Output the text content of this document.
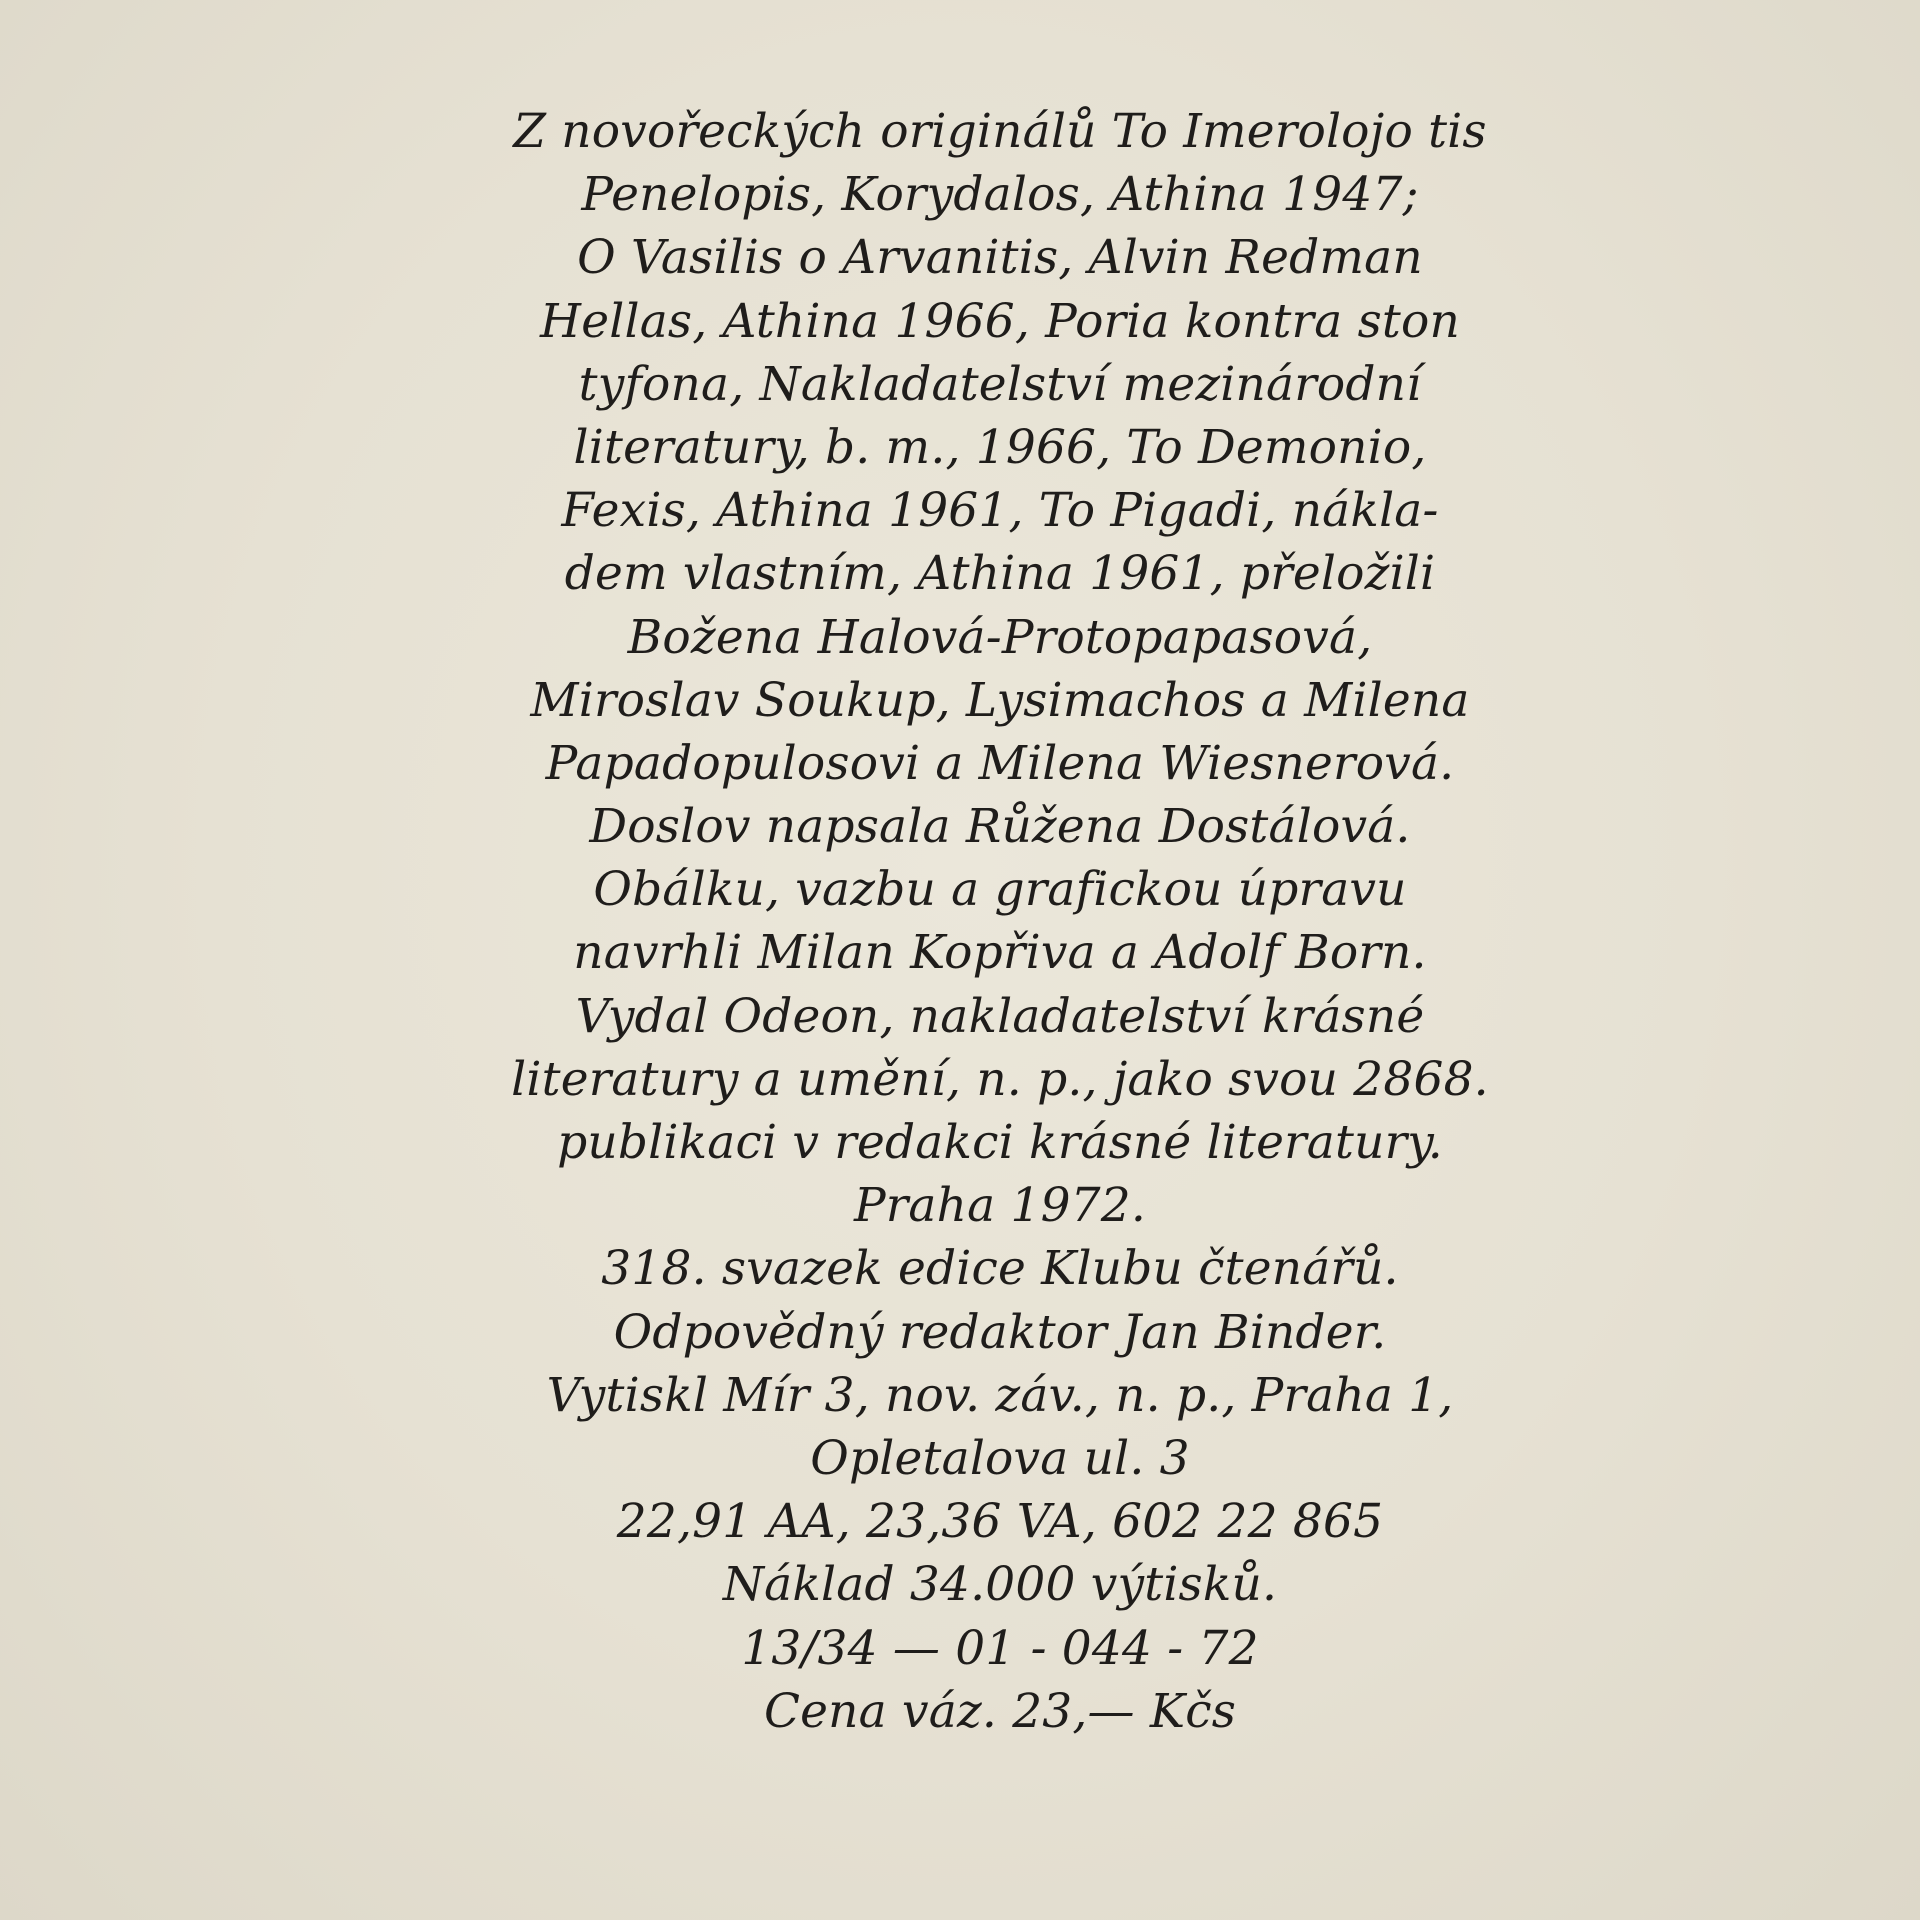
Z novořeckých originálů To Imerolojo tis
Penelopis, Korydalos, Athina 1947;
O Vasilis o Arvanitis, Alvin Redman
Hellas, Athina 1966, Poria kontra ston
tyfona, Nakladatelství mezinárodní
literatury, b. m., 1966, To Demonio,
Fexis, Athina 1961, To Pigadi, nákla-
dem vlastním, Athina 1961, přeložili
Božena Halová-Protopapasová,
Miroslav Soukup, Lysimachos a Milena
Papadopulosovi a Milena Wiesnerová.
Doslov napsala Růžena Dostálová.
Obálku, vazbu a grafickou úpravu
navrhli Milan Kopřiva a Adolf Born.
Vydal Odeon, nakladatelství krásné
literatury a umění, n. p., jako svou 2868.
publikaci v redakci krásné literatury.
Praha 1972.
318. svazek edice Klubu čtenářů.
Odpovědný redaktor Jan Binder.
Vytiskl Mír 3, nov. záv., n. p., Praha 1,
Opletalova ul. 3
22,91 AA, 23,36 VA, 602 22 865
Náklad 34.000 výtisků.
13/34 — 01 - 044 - 72
Cena váz. 23,— Kčs
